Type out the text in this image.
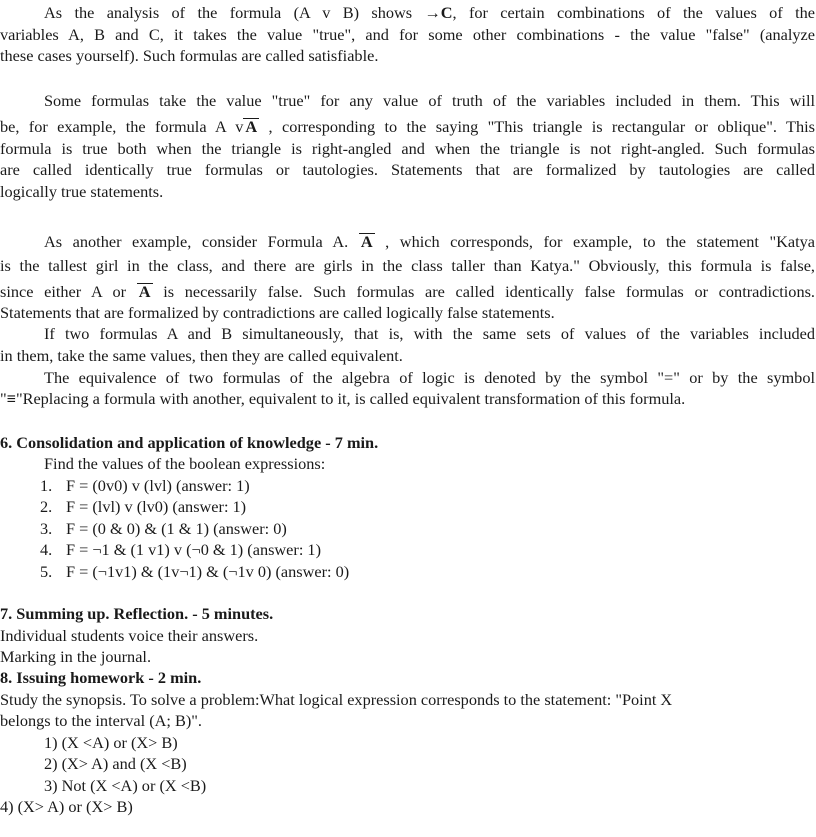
As the analysis of the formula (A v B) shows →C, for certain combinations of the values of the
variables A, B and C, it takes the value "true", and for some other combinations - the value "false" (analyze
these cases yourself). Such formulas are called satisfiable.
Some formulas take the value "true" for any value of truth of the variables included in them. This will
be, for example, the formula A v A , corresponding to the saying "This triangle is rectangular or oblique". This
formula is true both when the triangle is right-angled and when the triangle is not right-angled. Such formulas
are called identically true formulas or tautologies. Statements that are formalized by tautologies are called
logically true statements.
As another example, consider Formula A. A , which corresponds, for example, to the statement "Katya
is the tallest girl in the class, and there are girls in the class taller than Katya." Obviously, this formula is false,
since either A or A is necessarily false. Such formulas are called identically false formulas or contradictions.
Statements that are formalized by contradictions are called logically false statements.
If two formulas A and B simultaneously, that is, with the same sets of values of the variables included
in them, take the same values, then they are called equivalent.
The equivalence of two formulas of the algebra of logic is denoted by the symbol "=" or by the symbol
"≡"Replacing a formula with another, equivalent to it, is called equivalent transformation of this formula.
6. Consolidation and application of knowledge - 7 min.
Find the values of the boolean expressions:
1. F = (0v0) v (lvl) (answer: 1)
2. F = (lvl) v (lv0) (answer: 1)
3. F = (0 & 0) & (1 & 1) (answer: 0)
4. F = ¬1 & (1 v1) v (¬0 & 1) (answer: 1)
5. F = (¬1v1) & (1v¬1) & (¬1v 0) (answer: 0)
7. Summing up. Reflection. - 5 minutes.
Individual students voice their answers.
Marking in the journal.
8. Issuing homework - 2 min.
Study the synopsis. To solve a problem:What logical expression corresponds to the statement: "Point X
belongs to the interval (A; B)".
1) (X <A) or (X> B)
2) (X> A) and (X <B)
3) Not (X <A) or (X <B)
4) (X> A) or (X> B)
